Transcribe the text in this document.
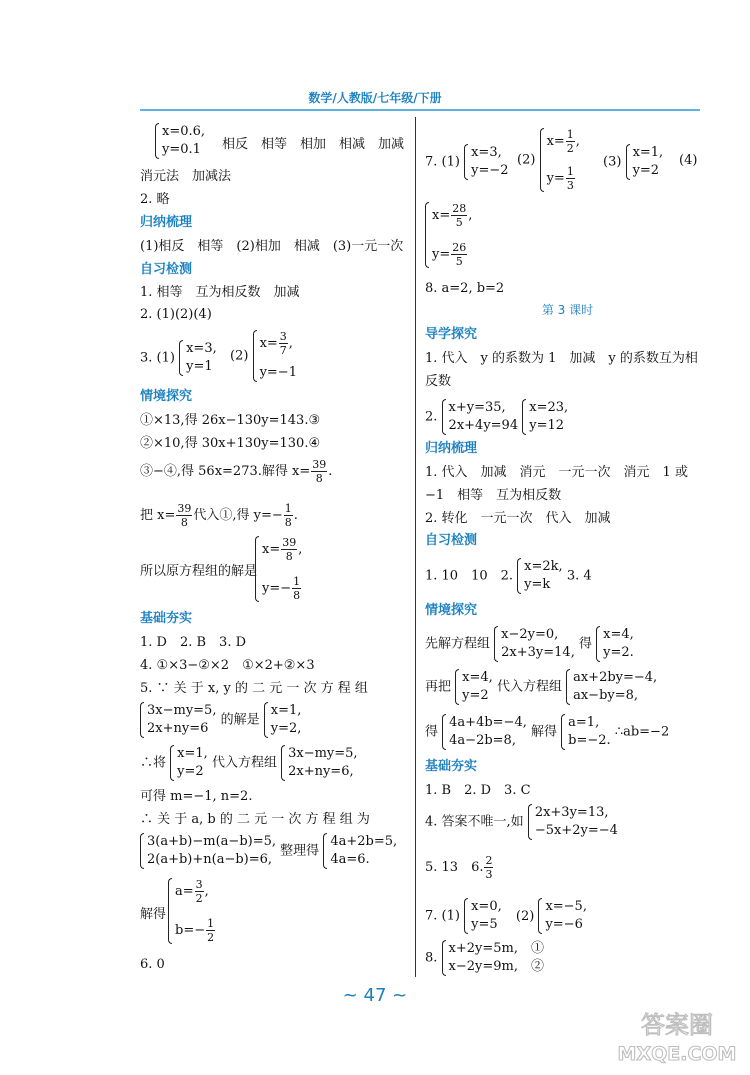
数学/人教版/七年级/下册
x=0.6,
y=0.1	相反　相等　相加　相减　加减
消元法　加减法
2. 略
归纳梳理
(1)相反　相等　(2)相加　相减　(3)一元一次
自习检测
1. 相等　互为相反数　加减
2. (1)(2)(4)
3. (1)
x=3,
y=1
(2)
$x= \frac{3}{7}$ ,
y=−1
情境探究
①×13,得 26x−130y=143.③
②×10,得 30x+130y=130.④
③−④,得 56x=273.解得 $x= \frac{39}{8}$ .
把 $x= \frac{39}{8}$ 代入①,得 $y=- \frac{1}{8}$ .
所以原方程组的解是
$x= \frac{39}{8}$ ,
$y=- \frac{1}{8}$
基础夯实
1. D　2. B　3. D
4. ①×3−②×2　①×2+②×3
5. ∵ 关 于 x, y 的 二 元 一 次 方 程 组
3x−my=5,
2x+ny=6
的解是
x=1,
y=2,
∴将
x=1,
y=2
代入方程组
3x−my=5,
2x+ny=6,
可得 m=−1, n=2.
∴ 关 于 a, b 的 二 元 一 次 方 程 组 为
3(a+b)−m(a−b)=5,
2(a+b)+n(a−b)=6,
整理得
4a+2b=5,
4a=6.
解得
$a= \frac{3}{2}$ ,
$b=- \frac{1}{2}$
6. 0
7. (1)
x=3,
y=−2
(2)
$x= \frac{1}{2}$ ,
$y= \frac{1}{3}$
(3)
x=1,
y=2
(4)
$x= \frac{28}{5}$ ,
$y= \frac{26}{5}$
8. a=2, b=2
第 3 课时
导学探究
1. 代入　y 的系数为 1　加减　y 的系数互为相
反数
2.
x+y=35,
2x+4y=94

x=23,
y=12
归纳梳理
1. 代入　加减　消元　一元一次　消元　1 或
−1　相等　互为相反数
2. 转化　一元一次　代入　加减
自习检测
1. 10　10　2.
x=2k,
y=k
3. 4
情境探究
先解方程组
x−2y=0,
2x+3y=14,
得
x=4,
y=2.
再把
x=4,
y=2
代入方程组
ax+2by=−4,
ax−by=8,
得
4a+4b=−4,
4a−2b=8,
解得
a=1,
b=−2.
∴ab=−2
基础夯实
1. B　2. D　3. C
4. 答案不唯一,如
2x+3y=13,
−5x+2y=−4
5. 13　6. $\frac{2}{3}$
7. (1)
x=0,
y=5
(2)
x=−5,
y=−6
8.
x+2y=5m,　①
x−2y=9m,　②
~ 47 ~
答案圈
MXQE.COM
